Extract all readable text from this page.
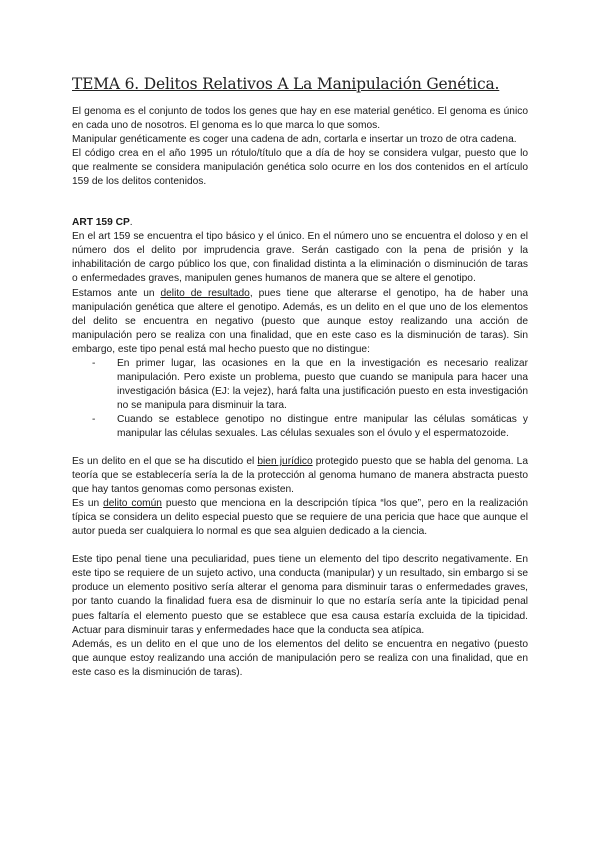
TEMA 6. Delitos Relativos A La Manipulación Genética.

El genoma es el conjunto de todos los genes que hay en ese material genético. El genoma es único en cada uno de nosotros. El genoma es lo que marca lo que somos.

Manipular genéticamente es coger una cadena de adn, cortarla e insertar un trozo de otra cadena.

El código crea en el año 1995 un rótulo/título que a día de hoy se considera vulgar, puesto que lo que realmente se considera manipulación genética solo ocurre en los dos contenidos en el artículo 159 de los delitos contenidos.

ART 159 CP.

En el art 159 se encuentra el tipo básico y el único. En el número uno se encuentra el doloso y en el número dos el delito por imprudencia grave. Serán castigado con la pena de prisión y la inhabilitación de cargo público los que, con finalidad distinta a la eliminación o disminución de taras o enfermedades graves, manipulen genes humanos de manera que se altere el genotipo.

Estamos ante un delito de resultado, pues tiene que alterarse el genotipo, ha de haber una manipulación genética que altere el genotipo. Además, es un delito en el que uno de los elementos del delito se encuentra en negativo (puesto que aunque estoy realizando una acción de manipulación pero se realiza con una finalidad, que en este caso es la disminución de taras). Sin embargo, este tipo penal está mal hecho puesto que no distingue:

- En primer lugar, las ocasiones en la que en la investigación es necesario realizar manipulación. Pero existe un problema, puesto que cuando se manipula para hacer una investigación básica (EJ: la vejez), hará falta una justificación puesto en esta investigación no se manipula para disminuir la tara.
- Cuando se establece genotipo no distingue entre manipular las células somáticas y manipular las células sexuales. Las células sexuales son el óvulo y el espermatozoide.

Es un delito en el que se ha discutido el bien jurídico protegido puesto que se habla del genoma. La teoría que se establecería sería la de la protección al genoma humano de manera abstracta puesto que hay tantos genomas como personas existen.

Es un delito común puesto que menciona en la descripción típica “los que”, pero en la realización típica se considera un delito especial puesto que se requiere de una pericia que hace que aunque el autor pueda ser cualquiera lo normal es que sea alguien dedicado a la ciencia.

Este tipo penal tiene una peculiaridad, pues tiene un elemento del tipo descrito negativamente. En este tipo se requiere de un sujeto activo, una conducta (manipular) y un resultado, sin embargo si se produce un elemento positivo sería alterar el genoma para disminuir taras o enfermedades graves, por tanto cuando la finalidad fuera esa de disminuir lo que no estaría sería ante la tipicidad penal pues faltaría el elemento puesto que se establece que esa causa estaría excluida de la tipicidad. Actuar para disminuir taras y enfermedades hace que la conducta sea atípica.

Además, es un delito en el que uno de los elementos del delito se encuentra en negativo (puesto que aunque estoy realizando una acción de manipulación pero se realiza con una finalidad, que en este caso es la disminución de taras).
